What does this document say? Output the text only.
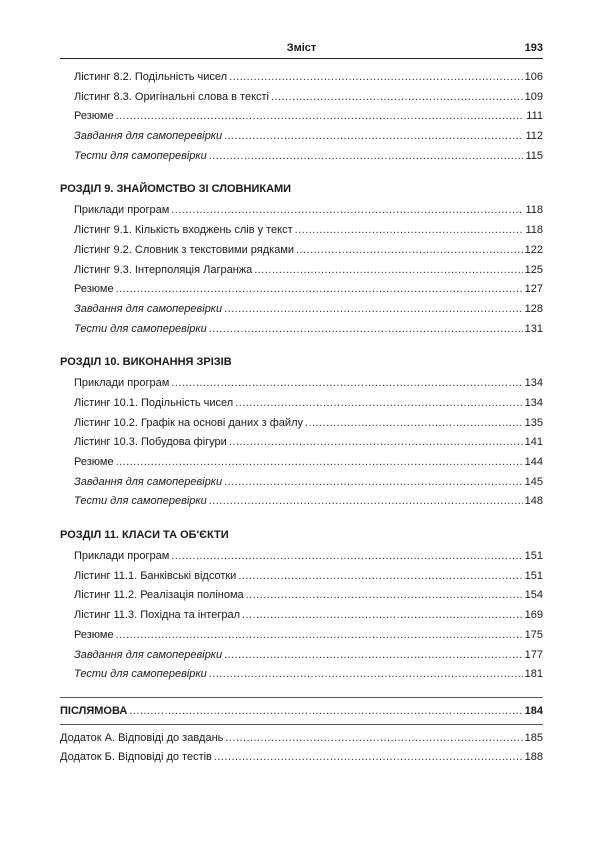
Зміст	193
Лістинг 8.2. Подільність чисел . . .	106
Лістинг 8.3. Оригінальні слова в тексті . . .	109
Резюме . . .	111
Завдання для самоперевірки . . .	112
Тести для самоперевірки . . .	115
РОЗДІЛ 9. ЗНАЙОМСТВО ЗІ СЛОВНИКАМИ
Приклади програм . . .	118
Лістинг 9.1. Кількість входжень слів у текст . . .	118
Лістинг 9.2. Словник з текстовими рядками . . .	122
Лістинг 9.3. Інтерполяція Лагранжа . . .	125
Резюме . . .	127
Завдання для самоперевірки . . .	128
Тести для самоперевірки . . .	131
РОЗДІЛ 10. ВИКОНАННЯ ЗРІЗІВ
Приклади програм . . .	134
Лістинг 10.1. Подільність чисел . . .	134
Лістинг 10.2. Графік на основі даних з файлу . . .	135
Лістинг 10.3. Побудова фігури . . .	141
Резюме . . .	144
Завдання для самоперевірки . . .	145
Тести для самоперевірки . . .	148
РОЗДІЛ 11. КЛАСИ ТА ОБ'ЄКТИ
Приклади програм . . .	151
Лістинг 11.1. Банківські відсотки . . .	151
Лістинг 11.2. Реалізація полінома . . .	154
Лістинг 11.3. Похідна та інтеграл . . .	169
Резюме . . .	175
Завдання для самоперевірки . . .	177
Тести для самоперевірки . . .	181
ПІСЛЯМОВА . . .	184
Додаток А. Відповіді до завдань . . .	185
Додаток Б. Відповіді до тестів . . .	188
